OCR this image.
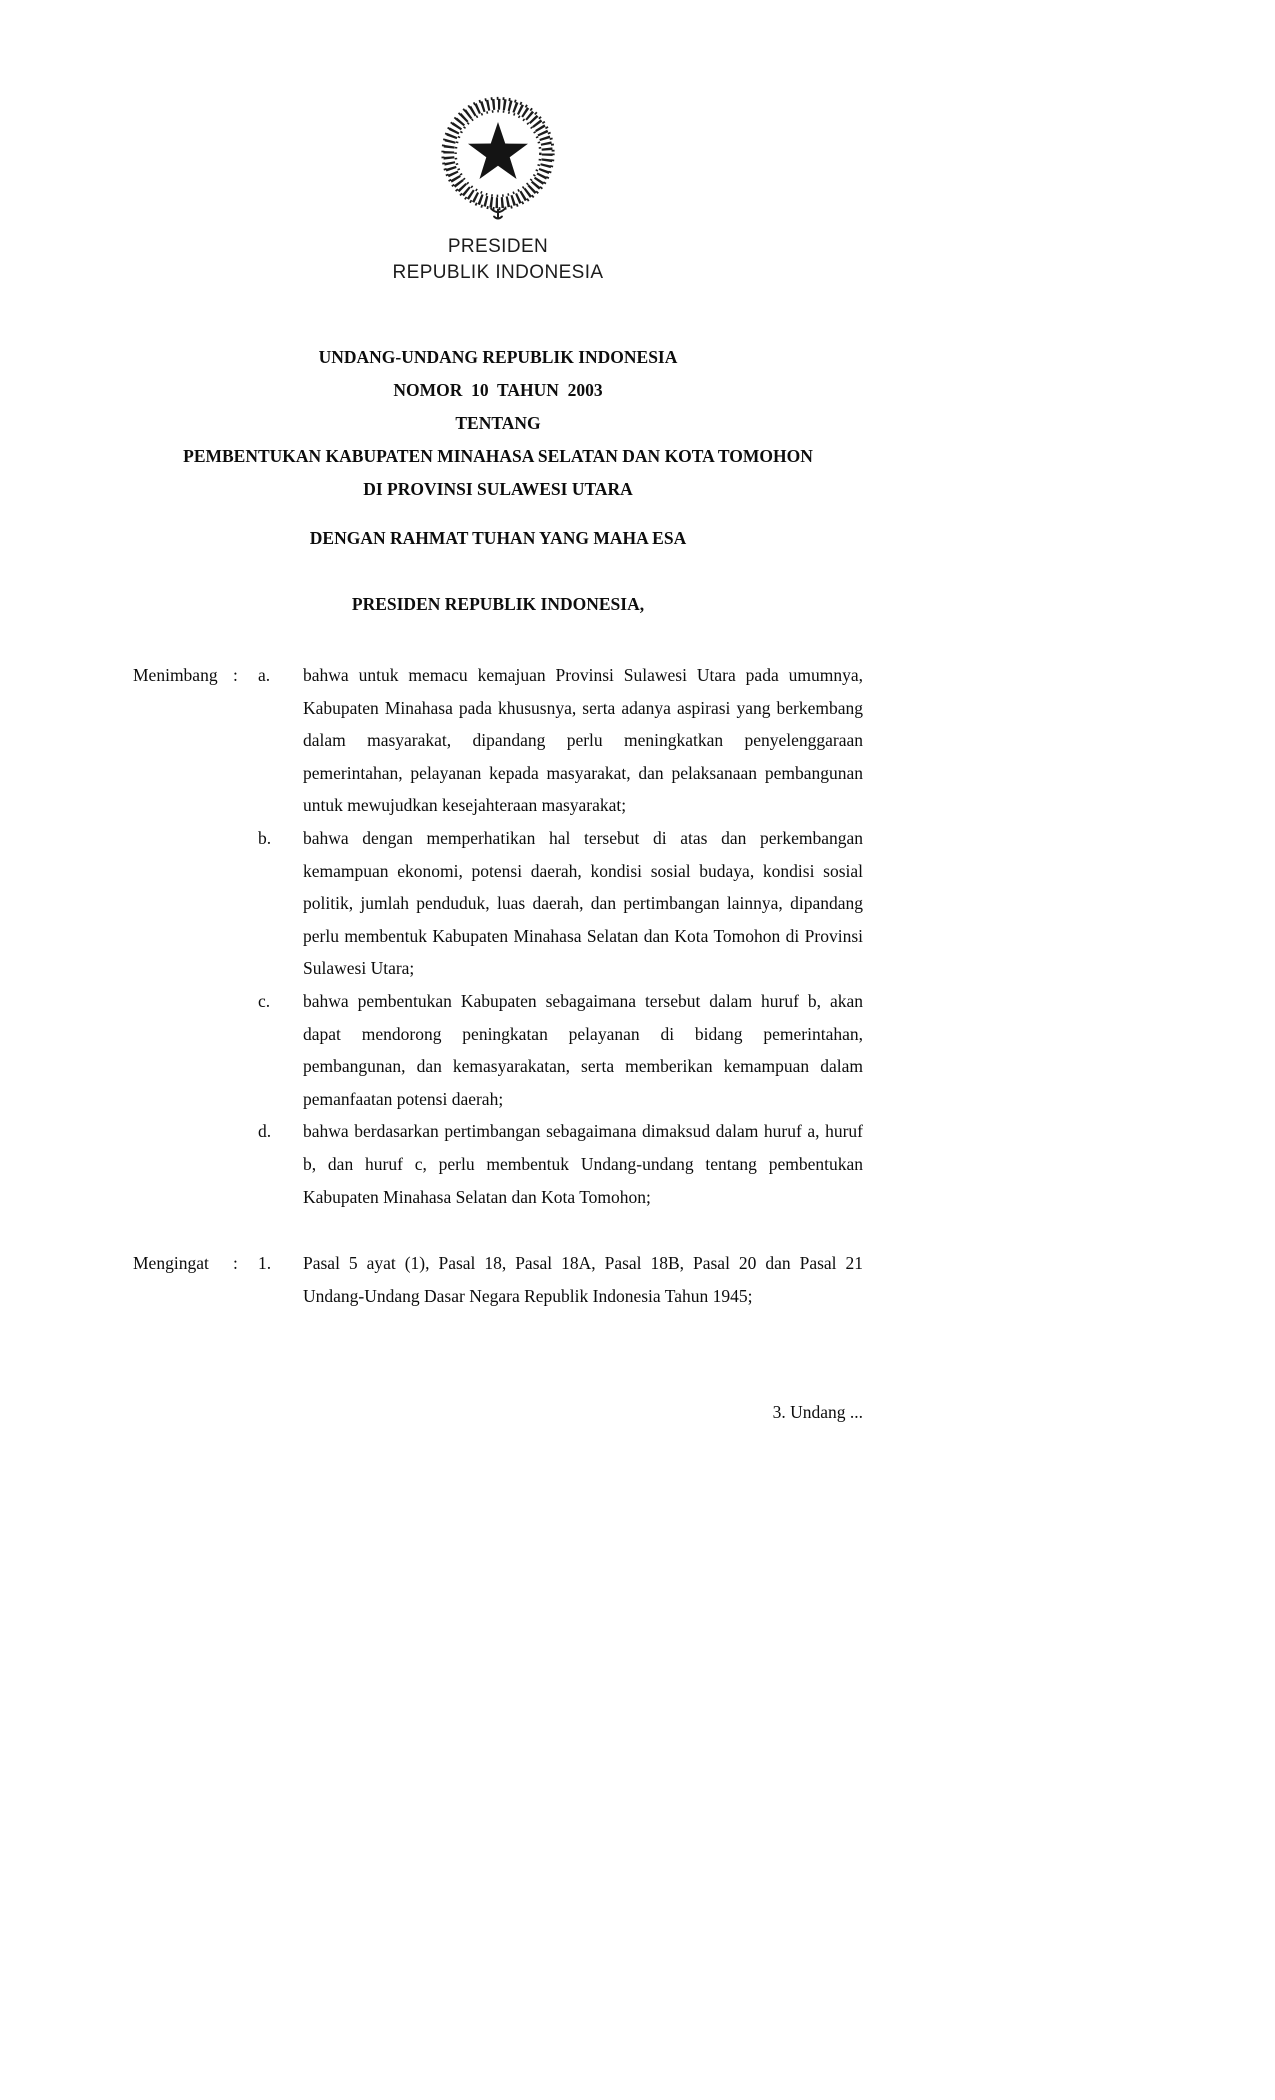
PRESIDEN
REPUBLIK INDONESIA
UNDANG-UNDANG REPUBLIK INDONESIA
NOMOR  10  TAHUN  2003
TENTANG
PEMBENTUKAN KABUPATEN MINAHASA SELATAN DAN KOTA TOMOHON
DI PROVINSI SULAWESI UTARA
DENGAN RAHMAT TUHAN YANG MAHA ESA
PRESIDEN REPUBLIK INDONESIA,
Menimbang :	a.	bahwa untuk memacu kemajuan Provinsi Sulawesi Utara pada umumnya, Kabupaten Minahasa pada khususnya, serta adanya aspirasi yang berkembang dalam masyarakat, dipandang perlu meningkatkan penyelenggaraan pemerintahan, pelayanan kepada masyarakat, dan pelaksanaan pembangunan untuk mewujudkan kesejahteraan masyarakat;
b.	bahwa dengan memperhatikan hal tersebut di atas dan perkembangan kemampuan ekonomi, potensi daerah, kondisi sosial budaya, kondisi sosial politik, jumlah penduduk, luas daerah, dan pertimbangan lainnya, dipandang perlu membentuk Kabupaten Minahasa Selatan dan Kota Tomohon di Provinsi Sulawesi Utara;
c.	bahwa pembentukan Kabupaten sebagaimana tersebut dalam huruf b, akan dapat mendorong peningkatan pelayanan di bidang pemerintahan, pembangunan, dan kemasyarakatan, serta memberikan kemampuan dalam pemanfaatan potensi daerah;
d.	bahwa berdasarkan pertimbangan sebagaimana dimaksud dalam huruf a, huruf b, dan huruf c, perlu membentuk Undang-undang tentang pembentukan Kabupaten Minahasa Selatan dan Kota Tomohon;
Mengingat	:	1.	Pasal 5 ayat (1), Pasal 18, Pasal 18A, Pasal 18B, Pasal 20 dan Pasal 21 Undang-Undang Dasar Negara Republik Indonesia Tahun 1945;
3. Undang ...
